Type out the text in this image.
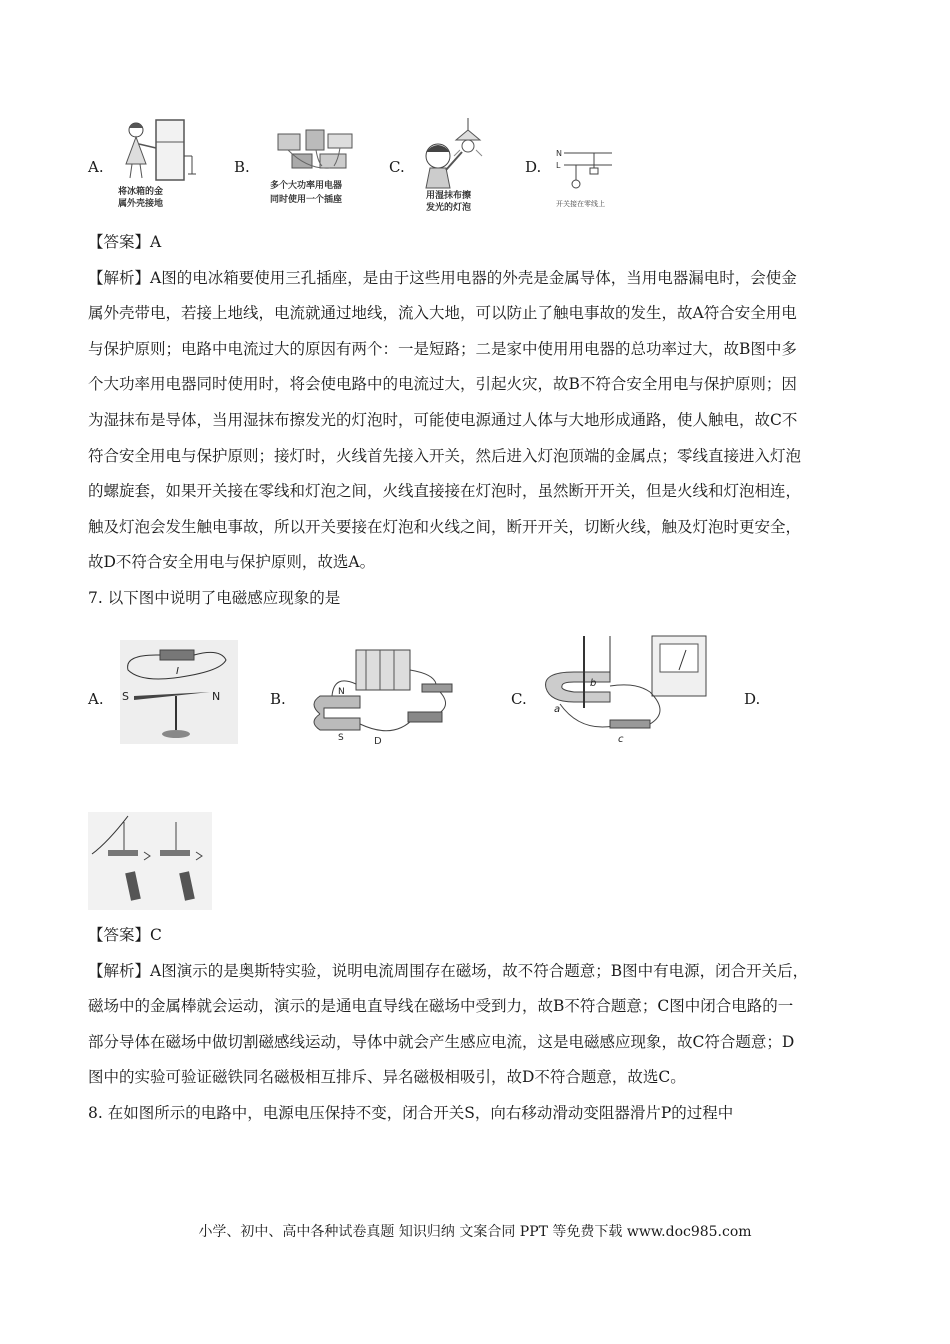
A.
将冰箱的金
属外壳接地
B.
多个大功率用电器
同时使用一个插座
C.
用湿抹布擦
发光的灯泡
D.
N
L
开关接在零线上
【答案】A
【解析】A图的电冰箱要使用三孔插座，是由于这些用电器的外壳是金属导体，当用电器漏电时，会使金
属外壳带电，若接上地线，电流就通过地线，流入大地，可以防止了触电事故的发生，故A符合安全用电
与保护原则；电路中电流过大的原因有两个：一是短路；二是家中使用用电器的总功率过大，故B图中多
个大功率用电器同时使用时，将会使电路中的电流过大，引起火灾，故B不符合安全用电与保护原则；因
为湿抹布是导体，当用湿抹布擦发光的灯泡时，可能使电源通过人体与大地形成通路，使人触电，故C不
符合安全用电与保护原则；接灯时，火线首先接入开关，然后进入灯泡顶端的金属点；零线直接进入灯泡
的螺旋套，如果开关接在零线和灯泡之间，火线直接接在灯泡时，虽然断开开关，但是火线和灯泡相连，
触及灯泡会发生触电事故，所以开关要接在灯泡和火线之间，断开开关，切断火线，触及灯泡时更安全，
故D不符合安全用电与保护原则，故选A。
7. 以下图中说明了电磁感应现象的是
A.
I
S	N	B.	N
S	D
C.
b
a
c
D.
【答案】C
【解析】A图演示的是奥斯特实验，说明电流周围存在磁场，故不符合题意；B图中有电源，闭合开关后，
磁场中的金属棒就会运动，演示的是通电直导线在磁场中受到力，故B不符合题意；C图中闭合电路的一
部分导体在磁场中做切割磁感线运动，导体中就会产生感应电流，这是电磁感应现象，故C符合题意；D
图中的实验可验证磁铁同名磁极相互排斥、异名磁极相吸引，故D不符合题意，故选C。
8. 在如图所示的电路中，电源电压保持不变，闭合开关S，向右移动滑动变阻器滑片P的过程中
小学、初中、高中各种试卷真题 知识归纳 文案合同 PPT 等免费下载 www.doc985.com
